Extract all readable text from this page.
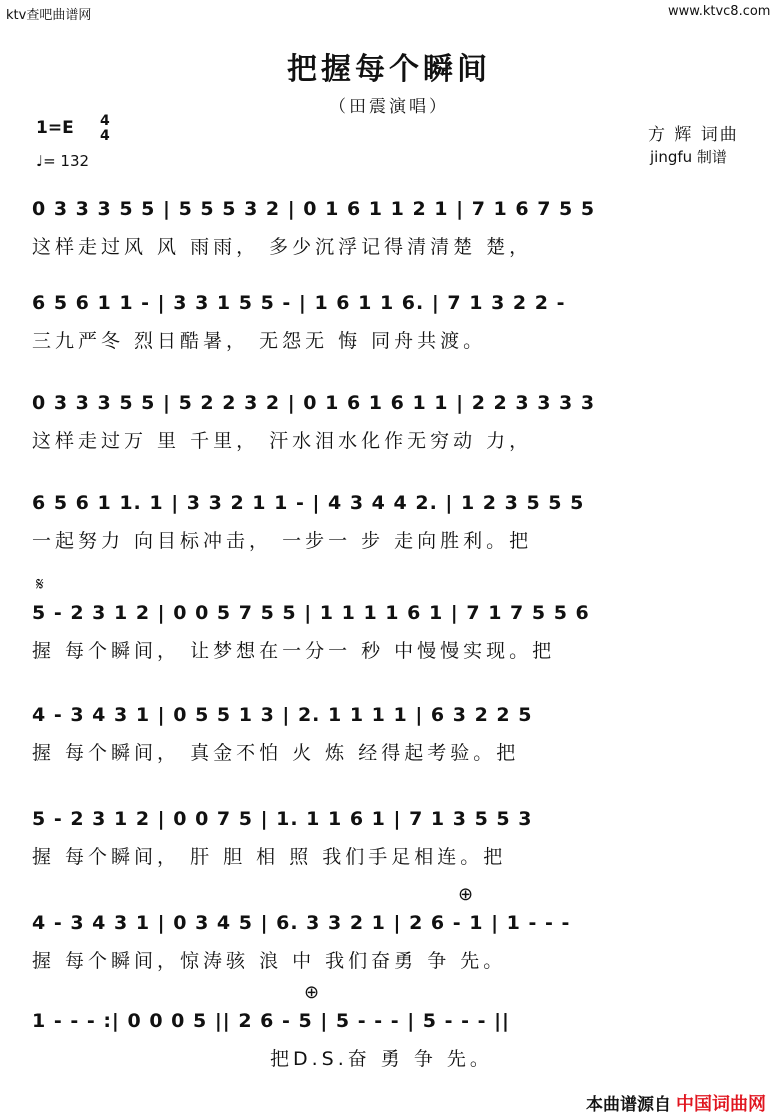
ktv查吧曲谱网	www.ktvc8.com
把握每个瞬间
（田震演唱）
1=E 4
4
♩= 132
方 辉 词曲
jingfu 制谱
0 3 3 3 5 5 | 5 5 5 3 2 | 0 1 6 1 1 2 1 | 7 1 6 7 5 5
这样走过风 风 雨雨， 多少沉浮记得清清楚 楚，
6 5 6 1 1 - | 3 3 1 5 5 - | 1 6 1 1 6. | 7 1 3 2 2 -
三九严冬 烈日酷暑， 无怨无 悔 同舟共渡。
0 3 3 3 5 5 | 5 2 2 3 2 | 0 1 6 1 6 1 1 | 2 2 3 3 3 3
这样走过万 里 千里， 汗水泪水化作无穷动 力，
6 5 6 1 1. 1 | 3 3 2 1 1 - | 4 3 4 4 2. | 1 2 3 5 5 5
一起努力 向目标冲击， 一步一 步 走向胜利。把
𝄋
5 - 2 3 1 2 | 0 0 5 7 5 5 | 1 1 1 1 6 1 | 7 1 7 5 5 6
握 每个瞬间， 让梦想在一分一 秒 中慢慢实现。把
4 - 3 4 3 1 | 0 5 5 1 3 | 2. 1 1 1 1 | 6 3 2 2 5
握 每个瞬间， 真金不怕 火 炼 经得起考验。把
5 - 2 3 1 2 | 0 0 7 5 | 1. 1 1 6 1 | 7 1 3 5 5 3
握 每个瞬间， 肝 胆 相 照 我们手足相连。把
⊕
4 - 3 4 3 1 | 0 3 4 5 | 6. 3 3 2 1 | 2 6 - 1 | 1 - - -
握 每个瞬间，惊涛骇 浪 中 我们奋勇 争 先。
⊕
1 - - - :| 0 0 0 5 || 2 6 - 5 | 5 - - - | 5 - - - ||
把D.S.奋 勇 争 先。
本曲谱源自 中国词曲网
